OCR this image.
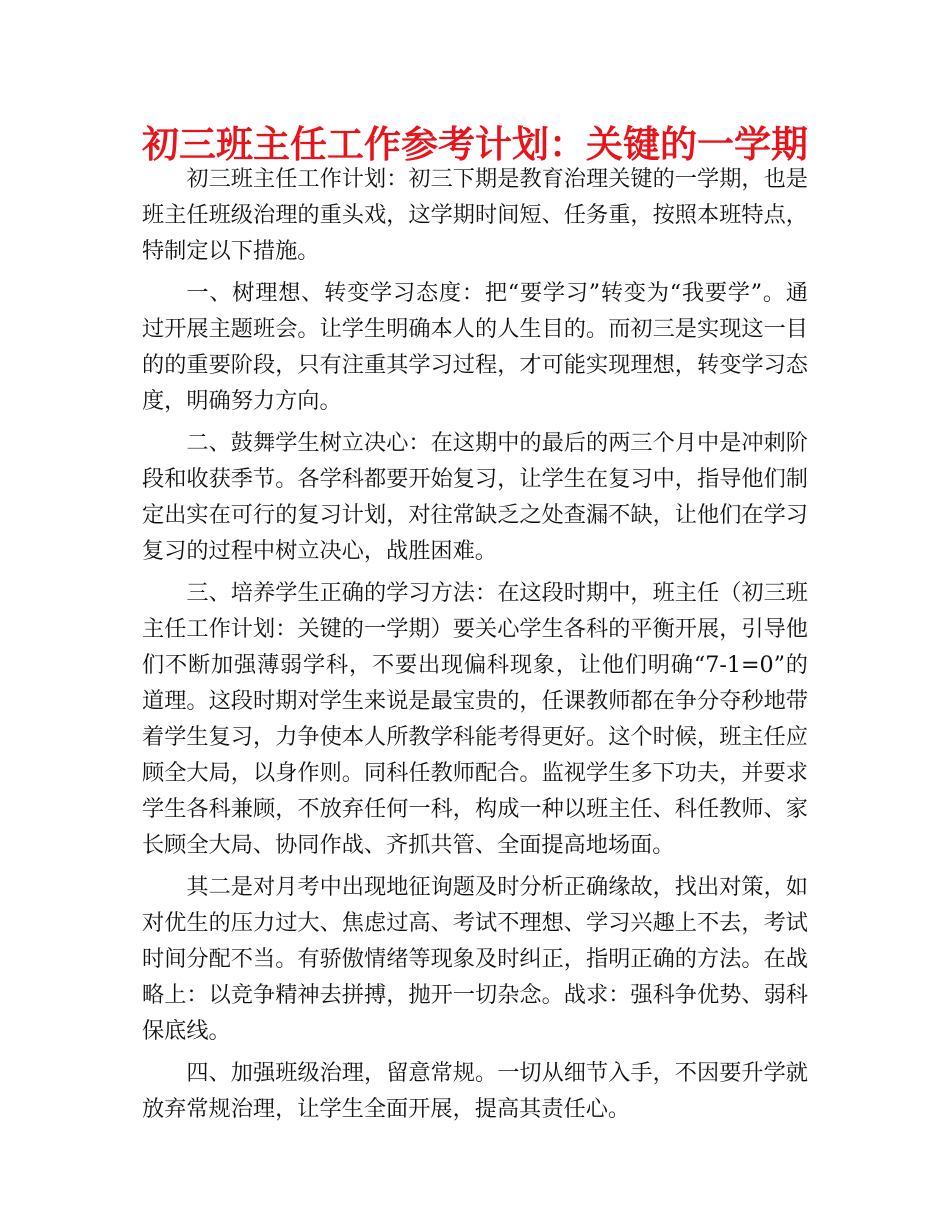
初三班主任工作参考计划：关键的一学期

初三班主任工作计划：初三下期是教育治理关键的一学期，也是班主任班级治理的重头戏，这学期时间短、任务重，按照本班特点，特制定以下措施。

一、树理想、转变学习态度：把“要学习”转变为“我要学”。通过开展主题班会。让学生明确本人的人生目的。而初三是实现这一目的的重要阶段，只有注重其学习过程，才可能实现理想，转变学习态度，明确努力方向。

二、鼓舞学生树立决心：在这期中的最后的两三个月中是冲刺阶段和收获季节。各学科都要开始复习，让学生在复习中，指导他们制定出实在可行的复习计划，对往常缺乏之处查漏不缺，让他们在学习复习的过程中树立决心，战胜困难。

三、培养学生正确的学习方法：在这段时期中，班主任（初三班主任工作计划：关键的一学期）要关心学生各科的平衡开展，引导他们不断加强薄弱学科，不要出现偏科现象，让他们明确“7-1=0”的道理。这段时期对学生来说是最宝贵的，任课教师都在争分夺秒地带着学生复习，力争使本人所教学科能考得更好。这个时候，班主任应顾全大局，以身作则。同科任教师配合。监视学生多下功夫，并要求学生各科兼顾，不放弃任何一科，构成一种以班主任、科任教师、家长顾全大局、协同作战、齐抓共管、全面提高地场面。

其二是对月考中出现地征询题及时分析正确缘故，找出对策，如对优生的压力过大、焦虑过高、考试不理想、学习兴趣上不去，考试时间分配不当。有骄傲情绪等现象及时纠正，指明正确的方法。在战略上：以竞争精神去拼搏，抛开一切杂念。战求：强科争优势、弱科保底线。

四、加强班级治理，留意常规。一切从细节入手，不因要升学就放弃常规治理，让学生全面开展，提高其责任心。
